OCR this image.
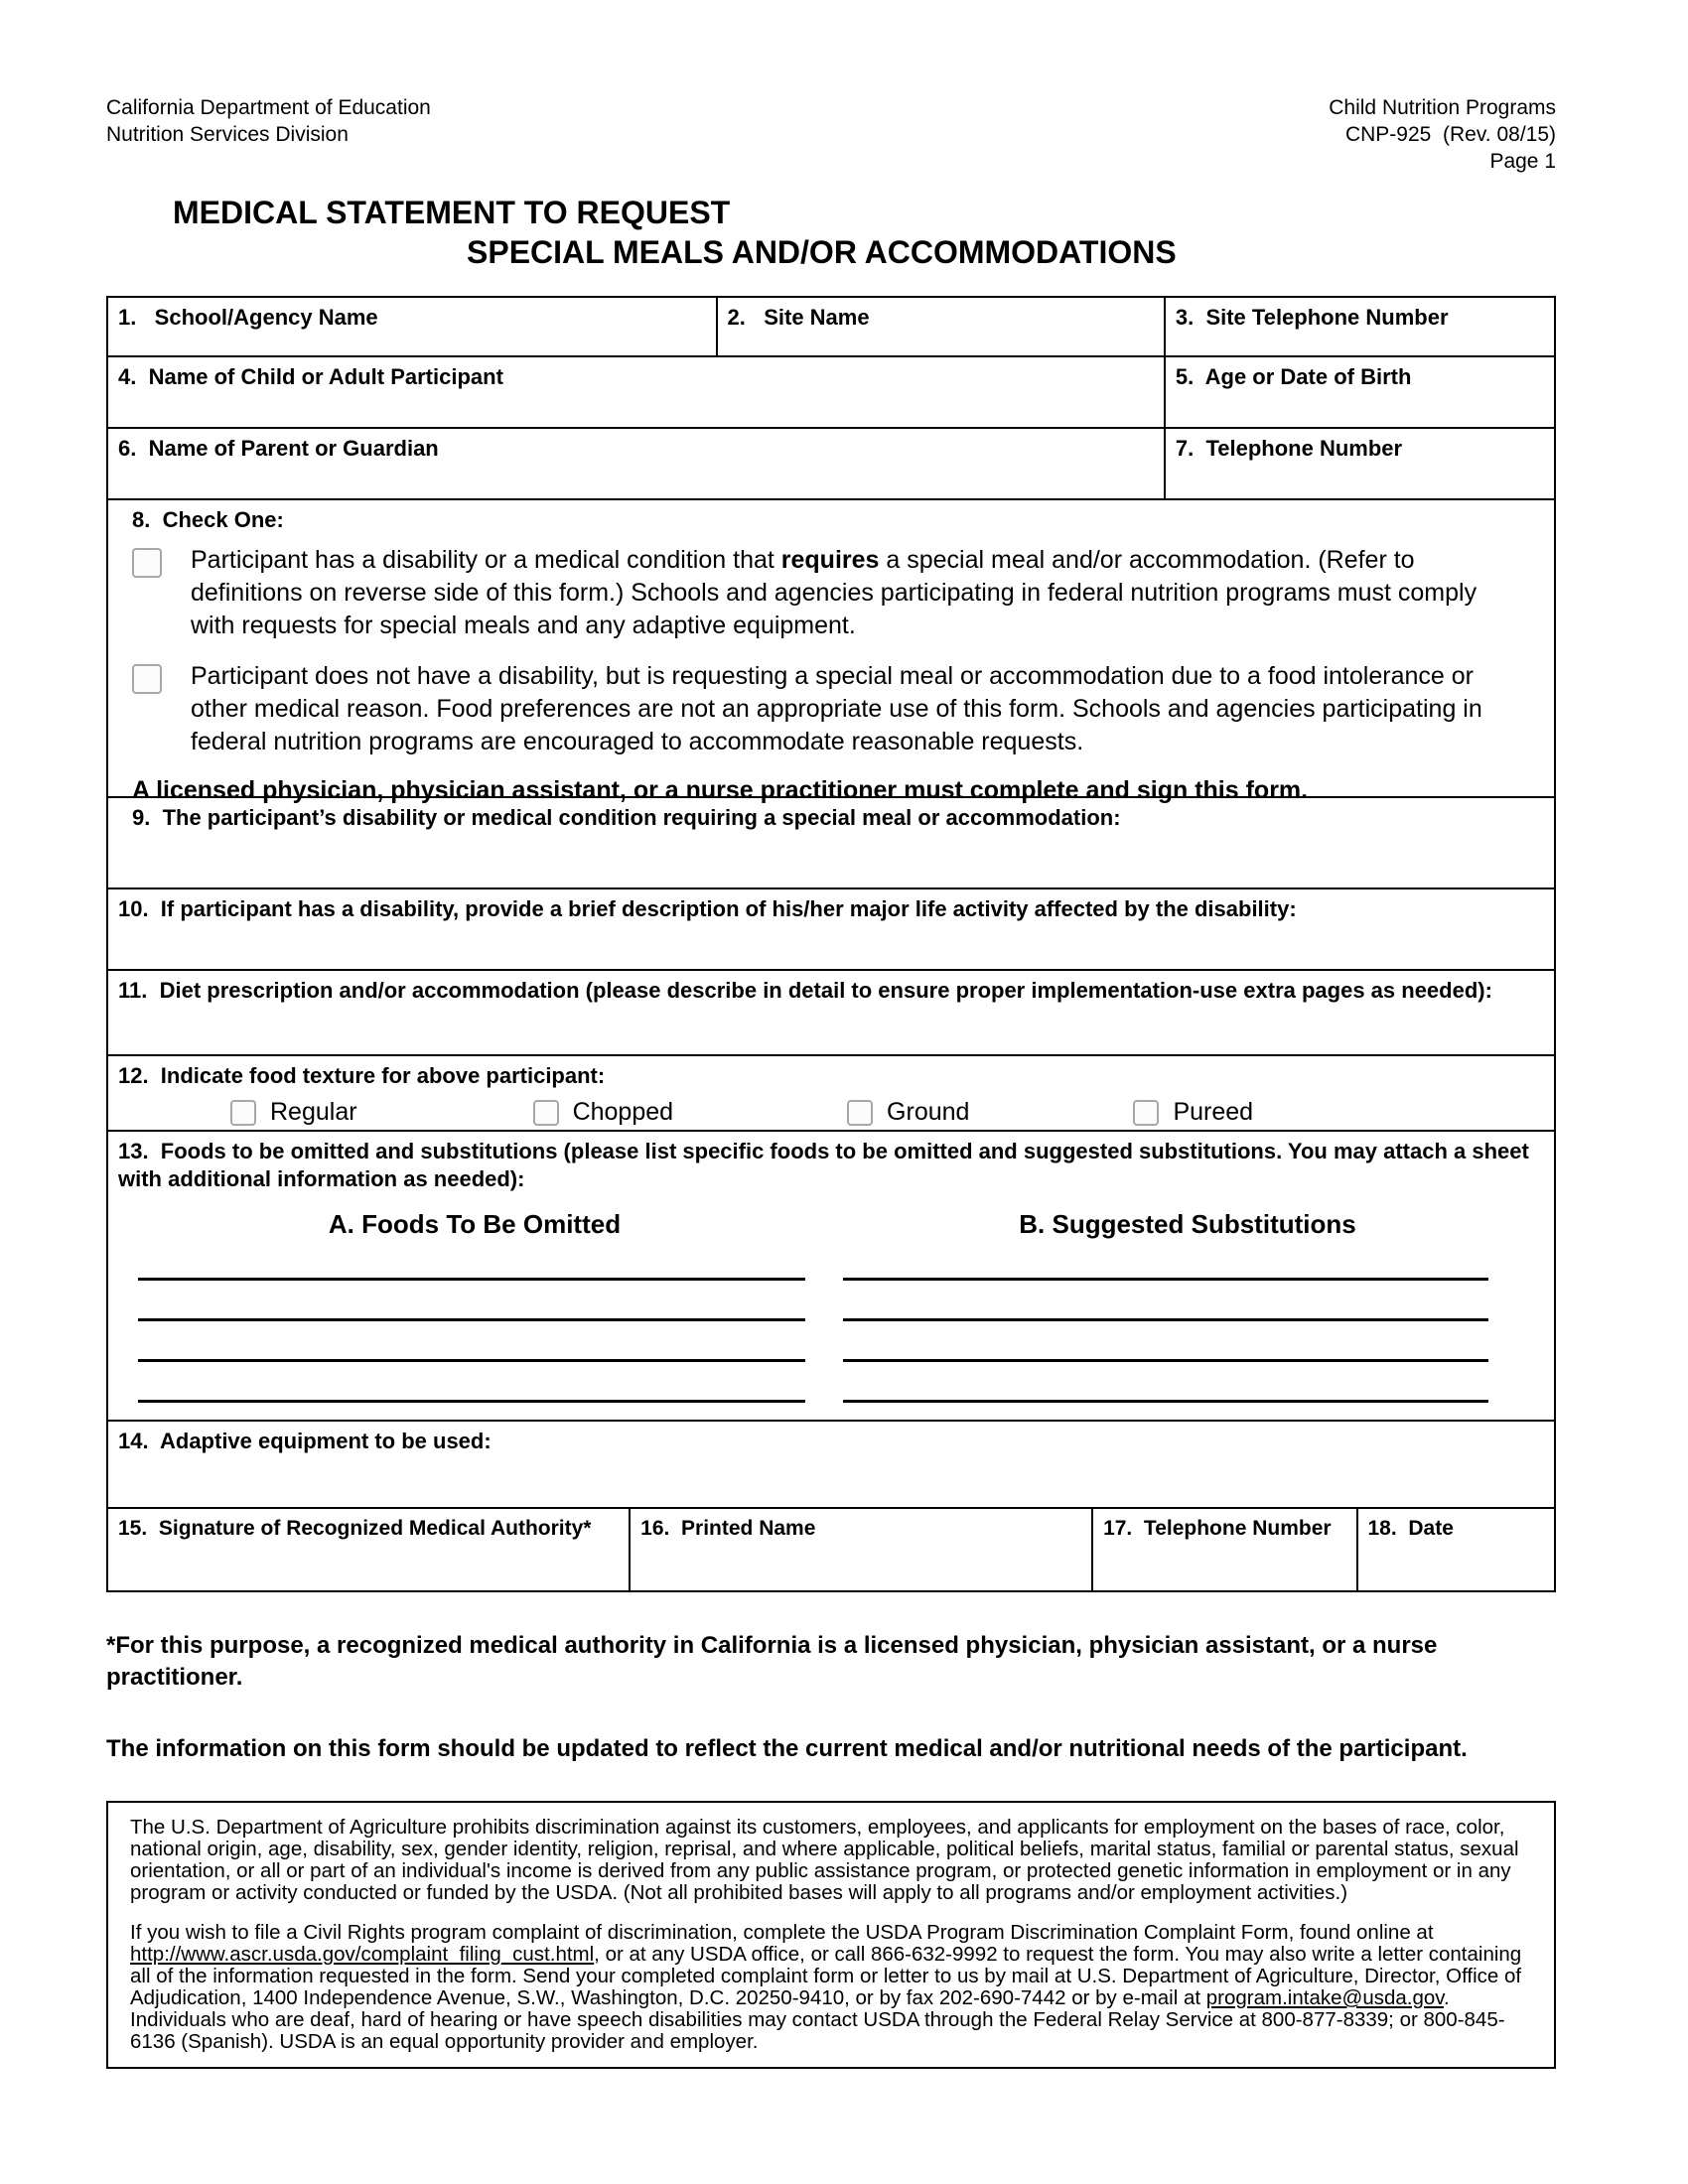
California Department of Education
Nutrition Services Division
Child Nutrition Programs
CNP-925  (Rev. 08/15)
Page 1
MEDICAL STATEMENT TO REQUEST
SPECIAL MEALS AND/OR ACCOMMODATIONS
1.   School/Agency Name	2.   Site Name	3.  Site Telephone Number
4.  Name of Child or Adult Participant	5.  Age or Date of Birth
6.  Name of Parent or Guardian	7.  Telephone Number
8.  Check One:
Participant has a disability or a medical condition that requires a special meal and/or accommodation. (Refer to definitions on reverse side of this form.) Schools and agencies participating in federal nutrition programs must comply with requests for special meals and any adaptive equipment.
Participant does not have a disability, but is requesting a special meal or accommodation due to a food intolerance or other medical reason. Food preferences are not an appropriate use of this form. Schools and agencies participating in federal nutrition programs are encouraged to accommodate reasonable requests.
A licensed physician, physician assistant, or a nurse practitioner must complete and sign this form.
9.  The participant’s disability or medical condition requiring a special meal or accommodation:
10.  If participant has a disability, provide a brief description of his/her major life activity affected by the disability:
11.  Diet prescription and/or accommodation (please describe in detail to ensure proper implementation-use extra pages as needed):
12.  Indicate food texture for above participant:
Regular	Chopped	Ground	Pureed
13.  Foods to be omitted and substitutions (please list specific foods to be omitted and suggested substitutions. You may attach a sheet with additional information as needed):
A. Foods To Be Omitted	B. Suggested Substitutions
14.  Adaptive equipment to be used:
15.  Signature of Recognized Medical Authority*	16.  Printed Name	17.  Telephone Number	18.  Date
*For this purpose, a recognized medical authority in California is a licensed physician, physician assistant, or a nurse practitioner.
The information on this form should be updated to reflect the current medical and/or nutritional needs of the participant.

The U.S. Department of Agriculture prohibits discrimination against its customers, employees, and applicants for employment on the bases of race, color, national origin, age, disability, sex, gender identity, religion, reprisal, and where applicable, political beliefs, marital status, familial or parental status, sexual orientation, or all or part of an individual's income is derived from any public assistance program, or protected genetic information in employment or in any program or activity conducted or funded by the USDA. (Not all prohibited bases will apply to all programs and/or employment activities.)

If you wish to file a Civil Rights program complaint of discrimination, complete the USDA Program Discrimination Complaint Form, found online at http://www.ascr.usda.gov/complaint_filing_cust.html, or at any USDA office, or call 866-632-9992 to request the form. You may also write a letter containing all of the information requested in the form. Send your completed complaint form or letter to us by mail at U.S. Department of Agriculture, Director, Office of Adjudication, 1400 Independence Avenue, S.W., Washington, D.C. 20250-9410, or by fax 202-690-7442 or by e-mail at program.intake@usda.gov. Individuals who are deaf, hard of hearing or have speech disabilities may contact USDA through the Federal Relay Service at 800-877-8339; or 800-845-6136 (Spanish). USDA is an equal opportunity provider and employer.
